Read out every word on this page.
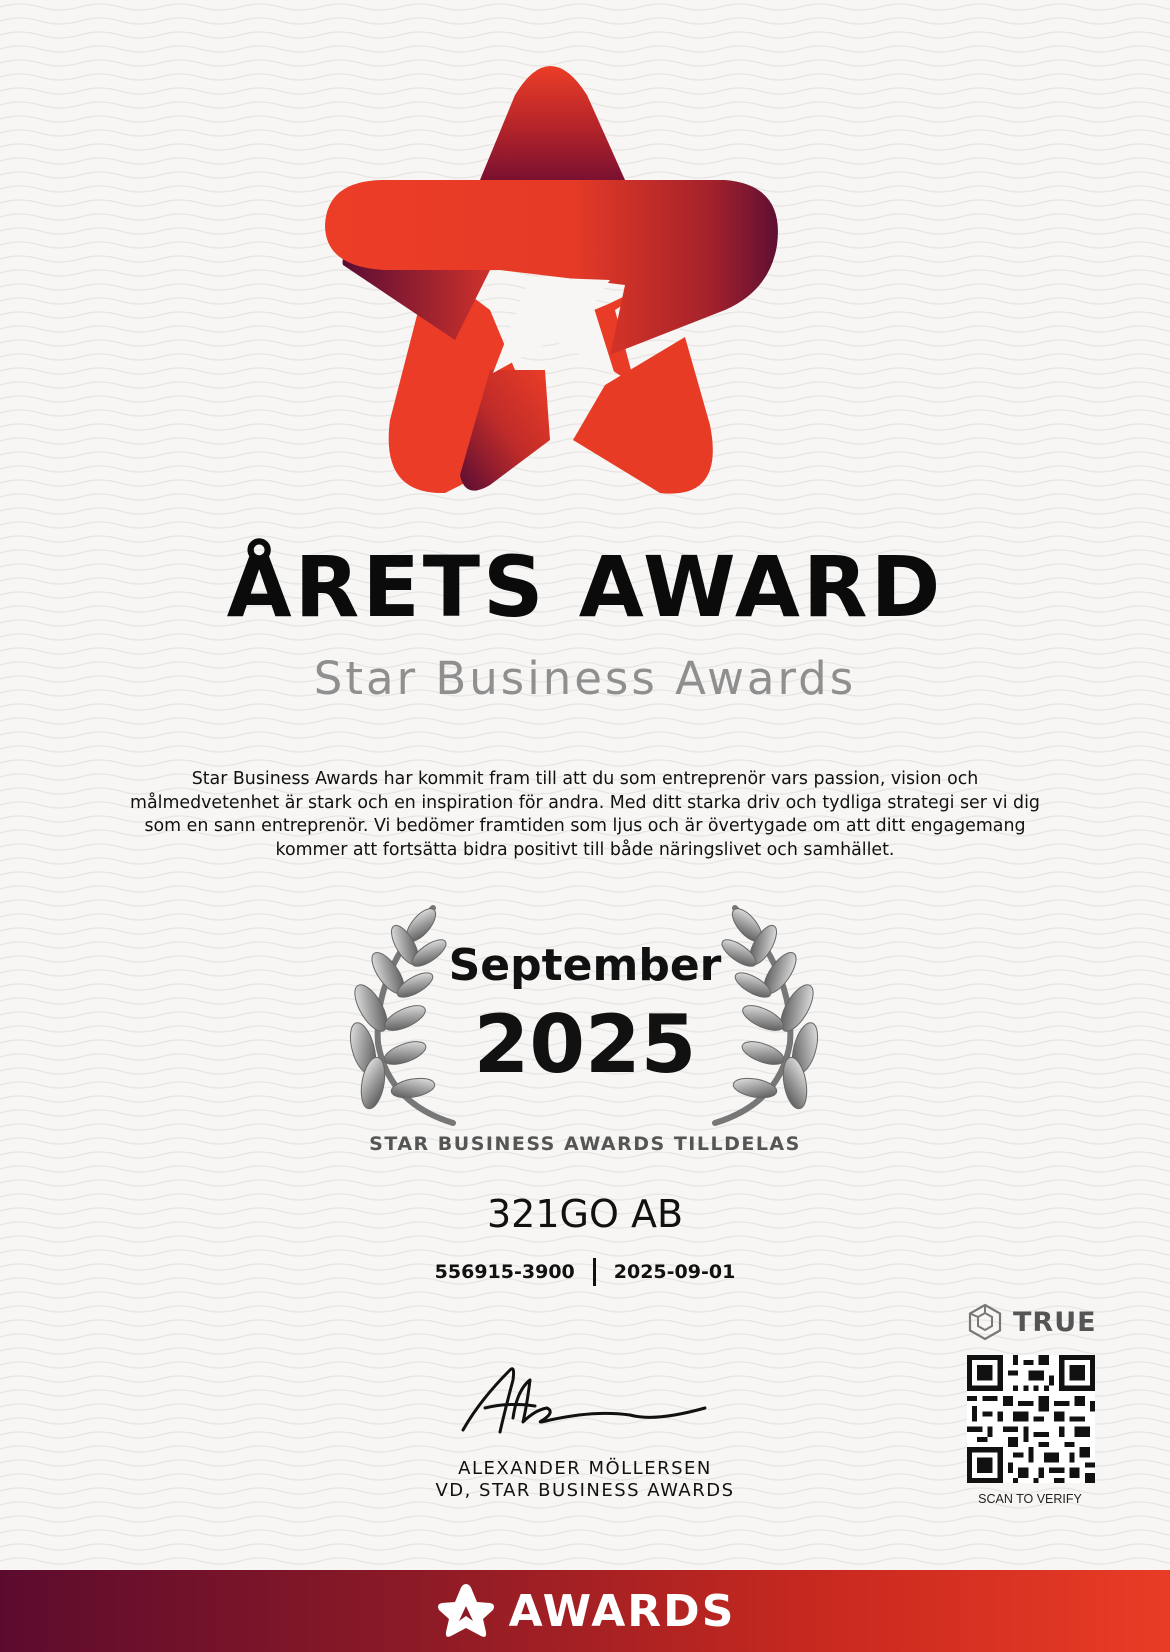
ÅRETS AWARD
Star Business Awards
Star Business Awards har kommit fram till att du som entreprenör vars passion, vision och målmedvetenhet är stark och en inspiration för andra. Med ditt starka driv och tydliga strategi ser vi dig som en sann entreprenör. Vi bedömer framtiden som ljus och är övertygade om att ditt engagemang kommer att fortsätta bidra positivt till både näringslivet och samhället.
September
2025
STAR BUSINESS AWARDS TILLDELAS
321GO AB
556915-3900 2025-09-01
ALEXANDER MÖLLERSEN
VD, STAR BUSINESS AWARDS
TRUE
SCAN TO VERIFY
AWARDS
